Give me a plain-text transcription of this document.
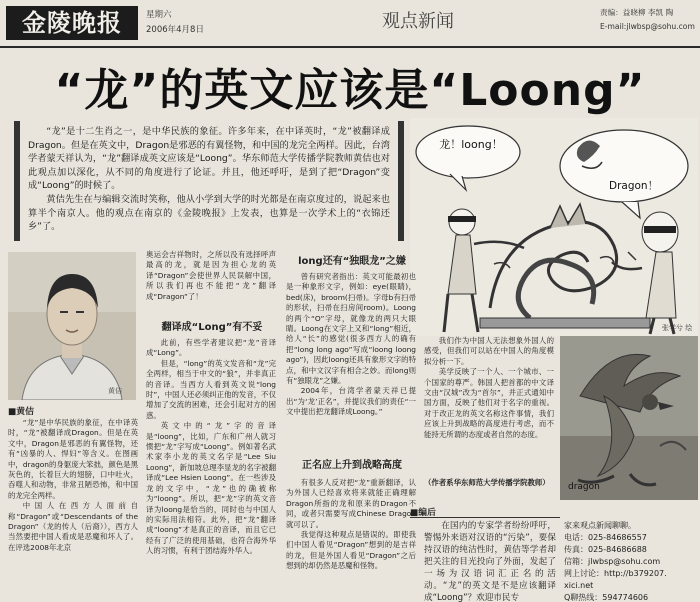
金陵晚报	星期六
2006年4月8日	观点新闻	责编：益晓柳 李凯 陶
E-mail:jlwbsp@sohu.com
“龙”的英文应该是“Loong”

“龙”是十二生肖之一，是中华民族的象征。许多年来，在中译英时，“龙”被翻译成Dragon。但是在英文中，Dragon是邪恶的有翼怪物，和中国的龙完全两样。因此，台湾学者蒙天祥认为，“龙”翻译成英文应该是“Loong”。华东师范大学传播学院教师黄佶也对此观点加以深化，从不同的角度进行了论证。并且，他还呼吁，是到了把“Dragon”变成“Loong”的时候了。

黄佶先生在与编辑交流时笑称，他从小学到大学的时光都是在南京度过的，说起来也算半个南京人。他的观点在南京的《金陵晚报》上发表，也算是一次学术上的“衣锦还乡”了。

龙！loong！
Dragon！
张学兮 绘
黄佶
■黄佶

“龙”是中华民族的象征，在中译英时，“龙”被翻译成Dragon。但是在英文中，Dragon是邪恶的有翼怪物，还有“凶暴的人、悍妇”等含义。在图画中，dragon的身躯庞大笨拙，颜色是黑灰色的，长着巨大的翅膀，口中吐火，吞噬人和动物，非常丑陋恐怖，和中国的龙完全两样。

中国人在西方人面前自称“Dragon”或“Descendants of the Dragon”（龙的传人（后裔）），西方人当然要把中国人看成是恶魔和坏人了。在评选2008年北京

奥运会吉祥物时，之所以没有选择呼声最高的龙，就是因为担心龙的英译“Dragon”会使世界人民误解中国，所以我们再也不能把“龙”翻译成“Dragon”了！

翻译成“Long”有不妥

此前，有些学者建议把“龙”音译成“Long”。

但是，“long”的英文发音和“龙”完全两样，相当于中文的“狼”，并非真正的音译。当西方人看到英文说“long时”，中国人还必须纠正他的发音，不仅增加了交流的困难，还会引起对方的困惑。

英文中的“龙”字的音译是“loong”，比如，广东和广州人就习惯把“龙”字写成“Loong”。例如著名武术家李小龙的英文名字是“Lee Siu Loong”，新加坡总理李显龙的名字被翻译成“Lee Hsien Loong”。在一些涉及龙的文字中，“龙”也的确被称为“loong”。所以，把“龙”字的英文音译为loong是恰当的，同时也与中国人的实际用法相符。此外，把“龙”翻译成“loong”才是真正的音译，而且它已经有了广泛的使用基础，也符合海外华人的习惯，有利于团结海外华人。

long还有“独眼龙”之嫌

曾有研究者指出：英文可能最初也是一种象形文字，例如：eye(眼睛)，bed(床)，broom(扫帚)。字母b有扫帚的形状，扫帚在扫房间room)。Loong的两个“O”字母，就像龙的两只大眼睛。Loong在文字上又和“long”相近，给人“长”的感觉(很多西方人的确有把“long long ago”写成“loong loong ago”)，因此loong还具有象形文字的特点，和中文汉字有相合之妙。而long则有“独眼龙”之嫌。

2004年，台湾学者蒙天祥已提出“为‘龙’正名”，并提议我们的责任“一文中提出把龙翻译成Loong。”

正名应上升到战略高度

有很多人反对把“龙”重新翻译，认为外国人已经喜欢将来就能正确理解Dragon所指的龙和原来的Dragon不同，或者只需要写成Chinese Dragon就可以了。

我觉得这种观点是错误的。即使我们中国人看见“Dragon”想到的是吉祥的龙，但是外国人看见“Dragon”之后想到的却仍然是恶魔和怪物。

我们作为中国人无法想象外国人的感受，但我们可以站在中国人的角度模拟分析一下。

美学反映了一个人、一个城市、一个国家的尊严。韩国人把首都的中文译文由“汉城”改为“首尔”，并正式通知中国方面，反映了他们对于名字的重视。对于改正龙的英文名称这件事情，我们应该上升到战略的高度进行考虑，而不能持无所谓的态度或者自然的态度。

（作者系华东师范大学传播学院教师）	dragon
■编后

在国内的专家学者纷纷呼吁，警惕外来语对汉语的“污染”，要保持汉语的纯洁性时，黄佶等学者却把关注的目光投向了外面，发起了一场为汉语词汇正名的活动。“龙”的英文是不是应该翻译成“Loong”？欢迎市民专

家来观点新闻聊聊。
电话：025-84686557
传真：025-84686688
信箱：jlwbsp@sohu.com
网上讨论：http://b379207.
xici.net
Q聊热线：594774606
